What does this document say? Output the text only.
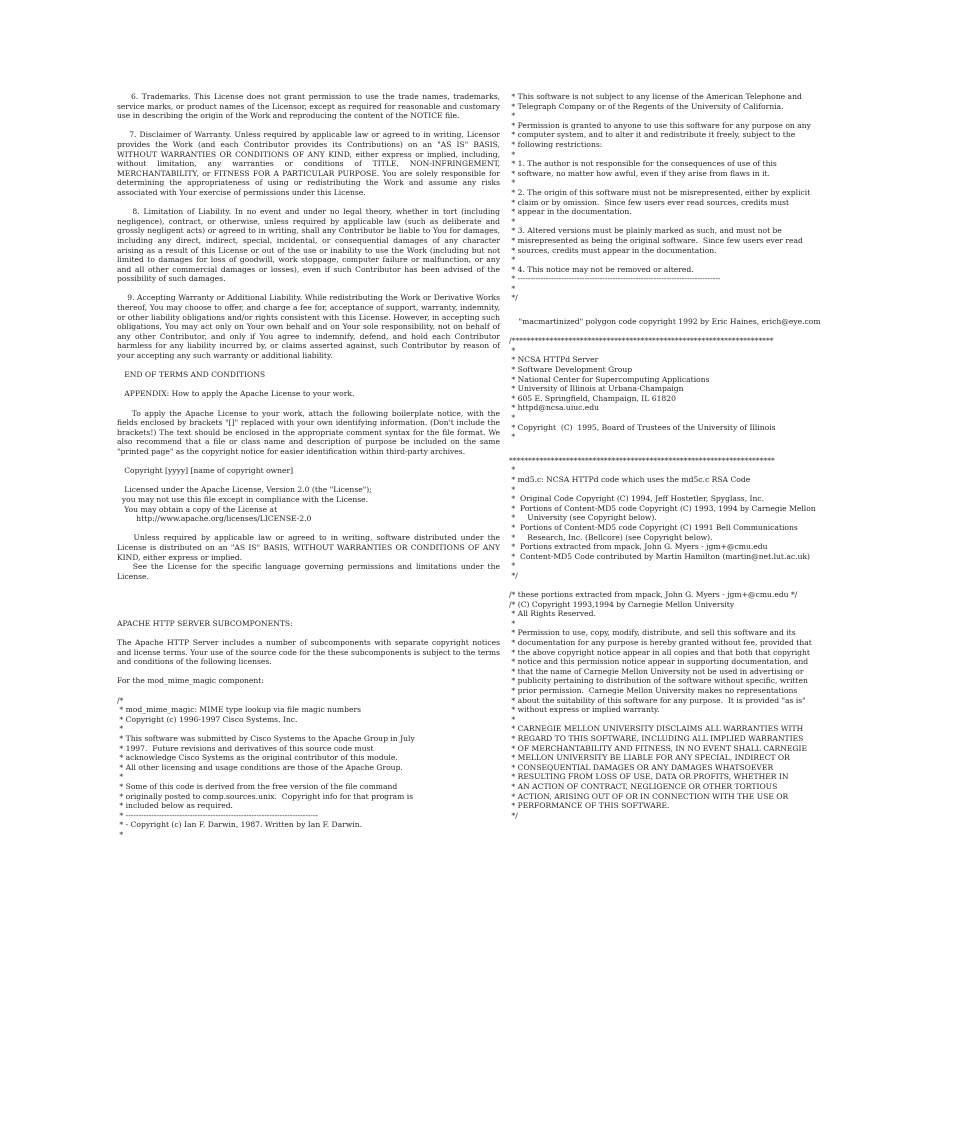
6. Trademarks. This License does not grant permission to use the trade names, trademarks, service marks, or product names of the Licensor, except as required for reasonable and customary use in describing the origin of the Work and reproducing the content of the NOTICE file.
7. Disclaimer of Warranty. Unless required by applicable law or agreed to in writing, Licensor provides the Work (and each Contributor provides its Contributions) on an "AS IS" BASIS, WITHOUT WARRANTIES OR CONDITIONS OF ANY KIND, either express or implied, including, without limitation, any warranties or conditions of TITLE, NON-INFRINGEMENT, MERCHANTABILITY, or FITNESS FOR A PARTICULAR PURPOSE. You are solely responsible for determining the appropriateness of using or redistributing the Work and assume any risks associated with Your exercise of permissions under this License.
8. Limitation of Liability. In no event and under no legal theory, whether in tort (including negligence), contract, or otherwise, unless required by applicable law (such as deliberate and grossly negligent acts) or agreed to in writing, shall any Contributor be liable to You for damages, including any direct, indirect, special, incidental, or consequential damages of any character arising as a result of this License or out of the use or inability to use the Work (including but not limited to damages for loss of goodwill, work stoppage, computer failure or malfunction, or any and all other commercial damages or losses), even if such Contributor has been advised of the possibility of such damages.
9. Accepting Warranty or Additional Liability. While redistributing the Work or Derivative Works thereof, You may choose to offer, and charge a fee for, acceptance of support, warranty, indemnity, or other liability obligations and/or rights consistent with this License. However, in accepting such obligations, You may act only on Your own behalf and on Your sole responsibility, not on behalf of any other Contributor, and only if You agree to indemnify, defend, and hold each Contributor harmless for any liability incurred by, or claims asserted against, such Contributor by reason of your accepting any such warranty or additional liability.
END OF TERMS AND CONDITIONS
APPENDIX: How to apply the Apache License to your work.
To apply the Apache License to your work, attach the following boilerplate notice, with the fields enclosed by brackets "[]" replaced with your own identifying information. (Don't include the brackets!) The text should be enclosed in the appropriate comment syntax for the file format. We also recommend that a file or class name and description of purpose be included on the same "printed page" as the copyright notice for easier identification within third-party archives.
Copyright [yyyy] [name of copyright owner]
Licensed under the Apache License, Version 2.0 (the "License");
you may not use this file except in compliance with the License.
You may obtain a copy of the License at
http://www.apache.org/licenses/LICENSE-2.0
Unless required by applicable law or agreed to in writing, software distributed under the License is distributed on an "AS IS" BASIS, WITHOUT WARRANTIES OR CONDITIONS OF ANY KIND, either express or implied.
See the License for the specific language governing permissions and limitations under the License.
APACHE HTTP SERVER SUBCOMPONENTS:
The Apache HTTP Server includes a number of subcomponents with separate copyright notices and license terms. Your use of the source code for the these subcomponents is subject to the terms and conditions of the following licenses.
For the mod_mime_magic component:
/*
* mod_mime_magic: MIME type lookup via file magic numbers
* Copyright (c) 1996-1997 Cisco Systems, Inc.
*
* This software was submitted by Cisco Systems to the Apache Group in July
* 1997.  Future revisions and derivatives of this source code must
* acknowledge Cisco Systems as the original contributor of this module.
* All other licensing and usage conditions are those of the Apache Group.
*
* Some of this code is derived from the free version of the file command
* originally posted to comp.sources.unix.  Copyright info for that program is
* included below as required.
* ---------------------------------------------------------------------------
* - Copyright (c) Ian F. Darwin, 1987. Written by Ian F. Darwin.
*
* This software is not subject to any license of the American Telephone and
* Telegraph Company or of the Regents of the University of California.
*
* Permission is granted to anyone to use this software for any purpose on any
* computer system, and to alter it and redistribute it freely, subject to the
* following restrictions:
*
* 1. The author is not responsible for the consequences of use of this
* software, no matter how awful, even if they arise from flaws in it.
*
* 2. The origin of this software must not be misrepresented, either by explicit
* claim or by omission.  Since few users ever read sources, credits must
* appear in the documentation.
*
* 3. Altered versions must be plainly marked as such, and must not be
* misrepresented as being the original software.  Since few users ever read
* sources, credits must appear in the documentation.
*
* 4. This notice may not be removed or altered.
* -------------------------------------------------------------------------------
*
*/
"macmartinized" polygon code copyright 1992 by Eric Haines, erich@eye.com
/*********************************************************************
*
* NCSA HTTPd Server
* Software Development Group
* National Center for Supercomputing Applications
* University of Illinois at Urbana-Champaign
* 605 E. Springfield, Champaign, IL 61820
* httpd@ncsa.uiuc.edu
*
* Copyright  (C)  1995, Board of Trustees of the University of Illinois
*
**********************************************************************
*
* md5.c: NCSA HTTPd code which uses the md5c.c RSA Code
*
*  Original Code Copyright (C) 1994, Jeff Hostetler, Spyglass, Inc.
*  Portions of Content-MD5 code Copyright (C) 1993, 1994 by Carnegie Mellon
*     University (see Copyright below).
*  Portions of Content-MD5 code Copyright (C) 1991 Bell Communications
*     Research, Inc. (Bellcore) (see Copyright below).
*  Portions extracted from mpack, John G. Myers - jgm+@cmu.edu
*  Content-MD5 Code contributed by Martin Hamilton (martin@net.lut.ac.uk)
*
*/
/* these portions extracted from mpack, John G. Myers - jgm+@cmu.edu */
/* (C) Copyright 1993,1994 by Carnegie Mellon University
* All Rights Reserved.
*
* Permission to use, copy, modify, distribute, and sell this software and its
* documentation for any purpose is hereby granted without fee, provided that
* the above copyright notice appear in all copies and that both that copyright
* notice and this permission notice appear in supporting documentation, and
* that the name of Carnegie Mellon University not be used in advertising or
* publicity pertaining to distribution of the software without specific, written
* prior permission.  Carnegie Mellon University makes no representations
* about the suitability of this software for any purpose.  It is provided "as is"
* without express or implied warranty.
*
* CARNEGIE MELLON UNIVERSITY DISCLAIMS ALL WARRANTIES WITH
* REGARD TO THIS SOFTWARE, INCLUDING ALL IMPLIED WARRANTIES
* OF MERCHANTABILITY AND FITNESS, IN NO EVENT SHALL CARNEGIE
* MELLON UNIVERSITY BE LIABLE FOR ANY SPECIAL, INDIRECT OR
* CONSEQUENTIAL DAMAGES OR ANY DAMAGES WHATSOEVER
* RESULTING FROM LOSS OF USE, DATA OR PROFITS, WHETHER IN
* AN ACTION OF CONTRACT, NEGLIGENCE OR OTHER TORTIOUS
* ACTION, ARISING OUT OF OR IN CONNECTION WITH THE USE OR
* PERFORMANCE OF THIS SOFTWARE.
*/
